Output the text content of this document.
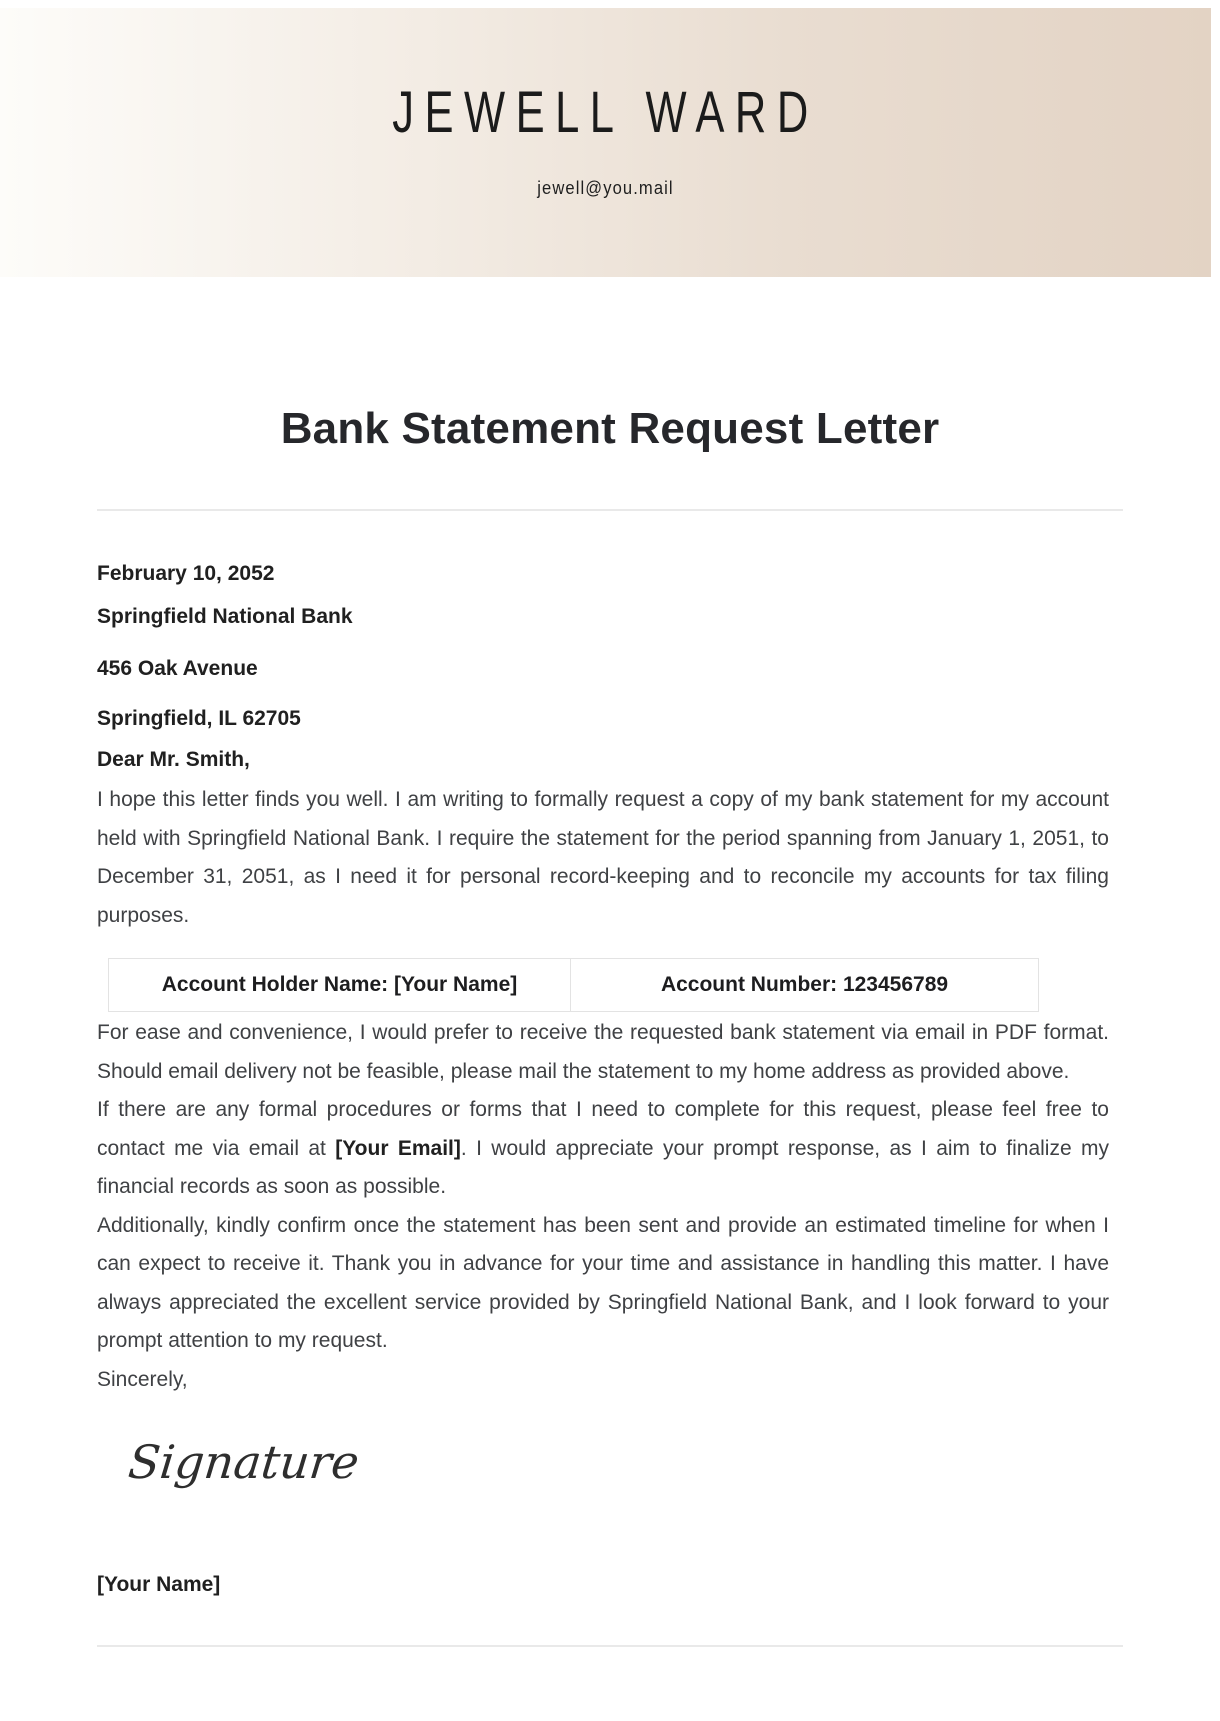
JEWELL WARD
jewell@you.mail
Bank Statement Request Letter

February 10, 2052

Springfield National Bank

456 Oak Avenue

Springfield, IL 62705

Dear Mr. Smith,

I hope this letter finds you well. I am writing to formally request a copy of my bank statement for my account held with Springfield National Bank. I require the statement for the period spanning from January 1, 2051, to December 31, 2051, as I need it for personal record-keeping and to reconcile my accounts for tax filing purposes.

Account Holder Name: [Your Name]	Account Number: 123456789

For ease and convenience, I would prefer to receive the requested bank statement via email in PDF format. Should email delivery not be feasible, please mail the statement to my home address as provided above.

If there are any formal procedures or forms that I need to complete for this request, please feel free to contact me via email at [Your Email]. I would appreciate your prompt response, as I aim to finalize my financial records as soon as possible.

Additionally, kindly confirm once the statement has been sent and provide an estimated timeline for when I can expect to receive it. Thank you in advance for your time and assistance in handling this matter. I have always appreciated the excellent service provided by Springfield National Bank, and I look forward to your prompt attention to my request.

Sincerely,

Signature

[Your Name]
